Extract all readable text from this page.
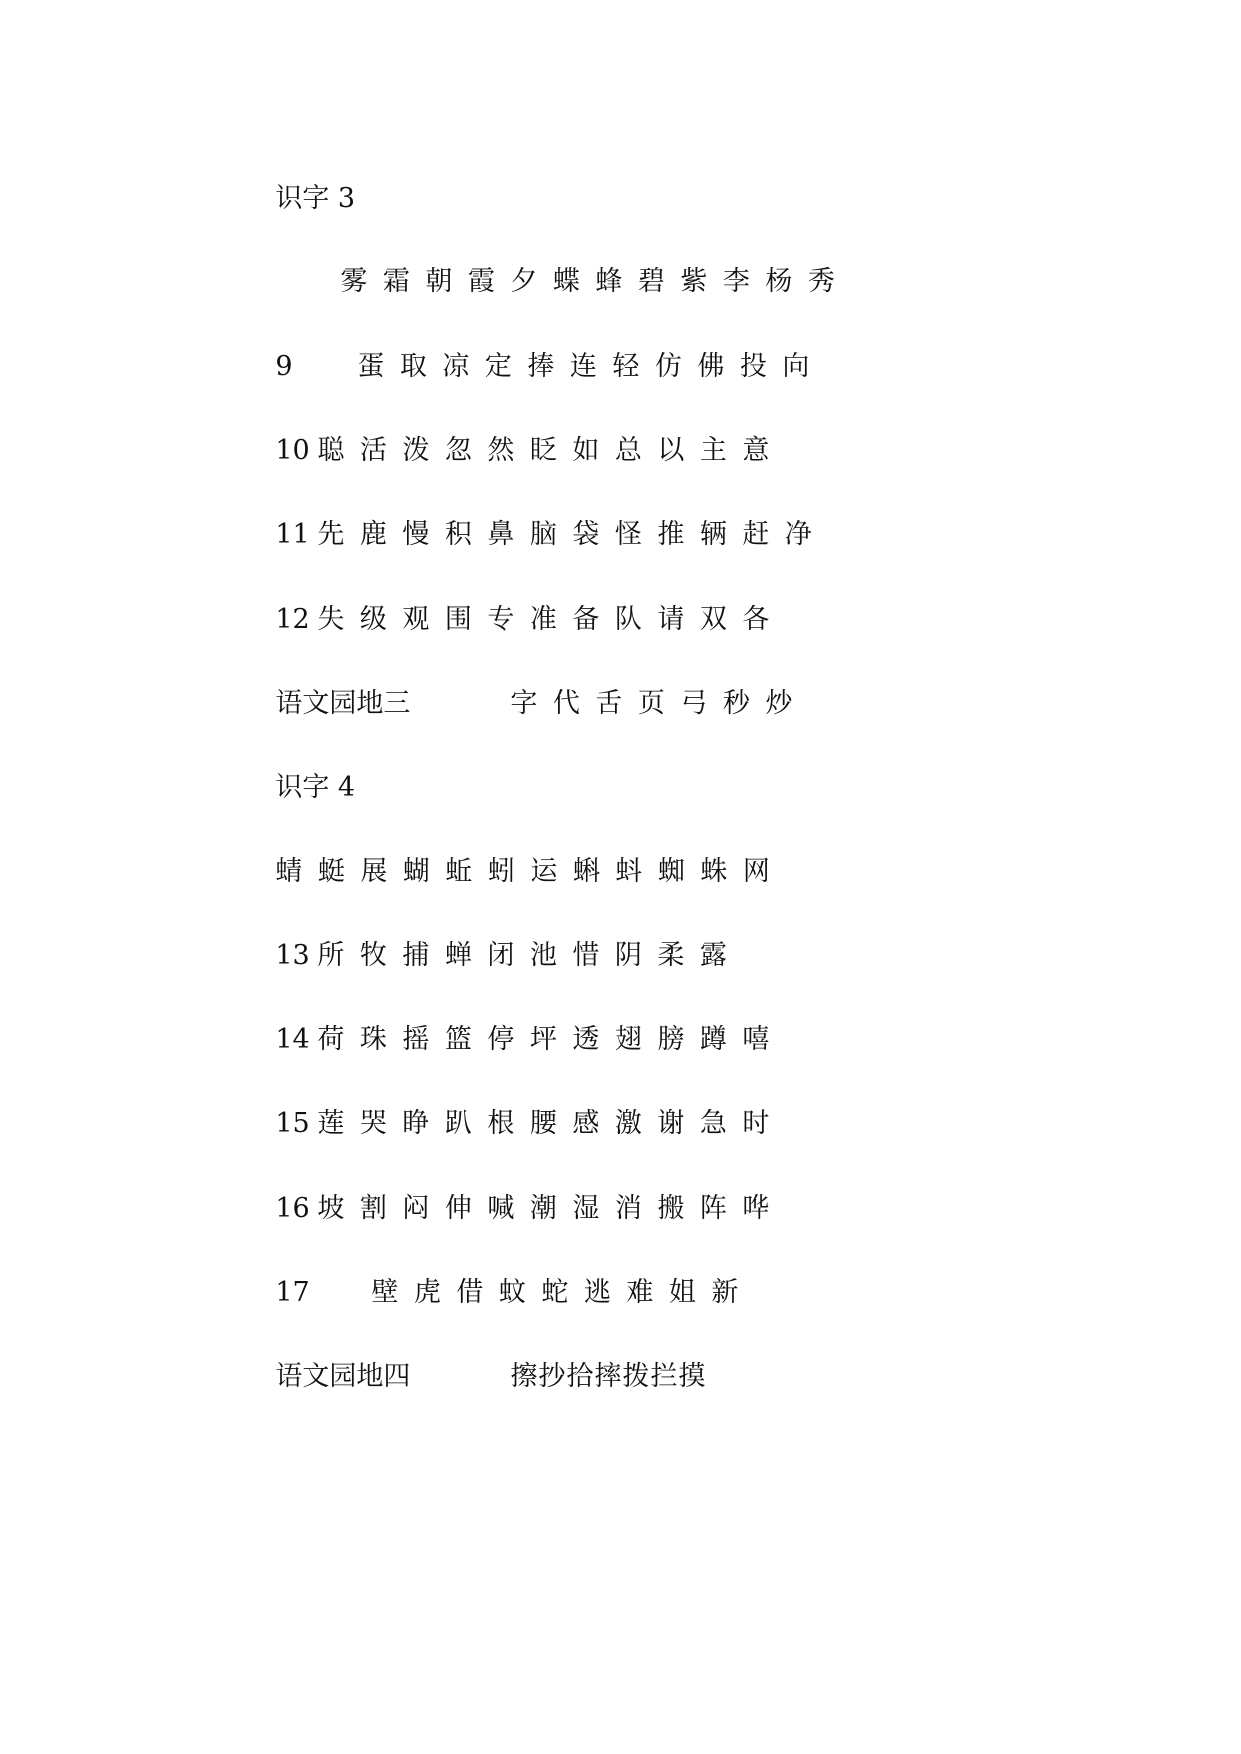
识字 3

雾霜朝霞夕蝶蜂碧紫李杨秀

9 蛋取凉定捧连轻仿佛投向

10 聪活泼忽然眨如总以主意

11 先鹿慢积鼻脑袋怪推辆赶净

12 失级观围专准备队请双各

语文园地三	字代舌页弓秒炒

识字 4

蜻蜓展蝴蚯蚓运蝌蚪蜘蛛网

13 所牧捕蝉闭池惜阴柔露

14 荷珠摇篮停坪透翅膀蹲嘻

15 莲哭睁趴根腰感激谢急时

16 坡割闷伸喊潮湿消搬阵哗

17 壁虎借蚊蛇逃难姐新

语文园地四	擦抄拾摔拨拦摸
